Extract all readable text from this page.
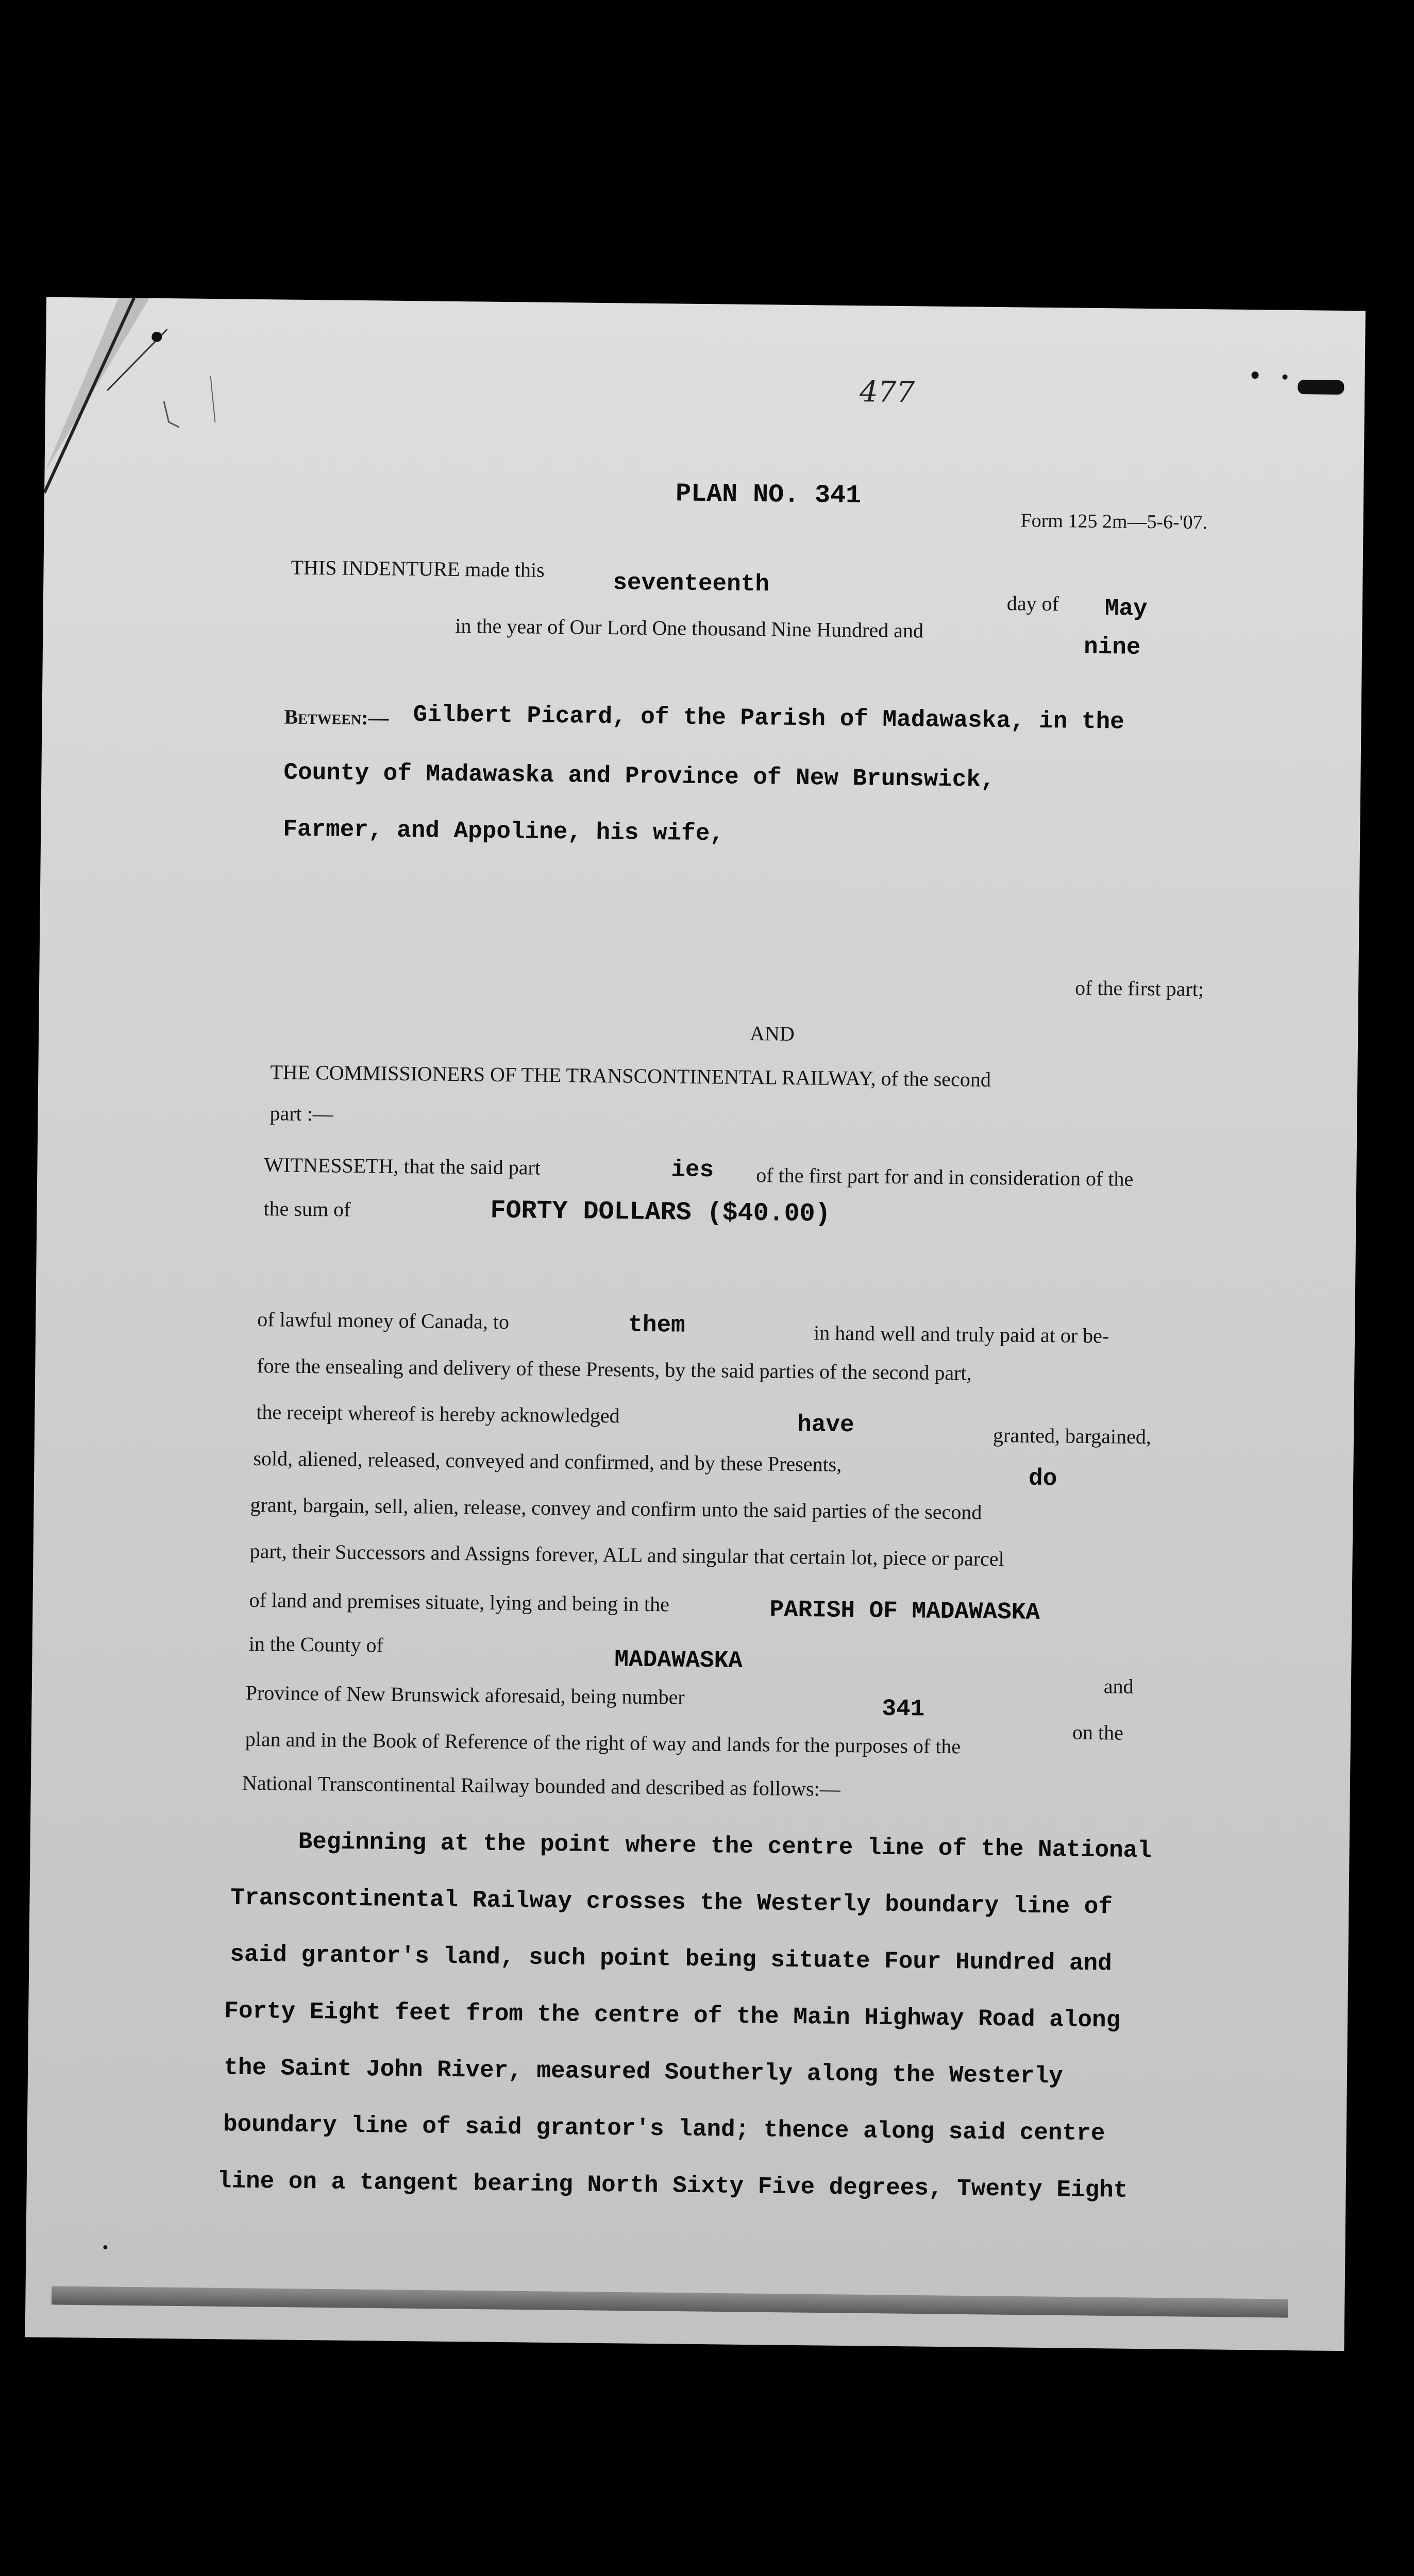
477
PLAN NO. 341
Form 125 2m—5-6-'07.
THIS INDENTURE made this
seventeenth
day of May
in the year of Our Lord One thousand Nine Hundred and
nine
Between:— Gilbert Picard, of the Parish of Madawaska, in the
County of Madawaska and Province of New Brunswick,
Farmer, and Appoline, his wife,
of the first part;
AND
THE COMMISSIONERS OF THE TRANSCONTINENTAL RAILWAY, of the second
part :—
WITNESSETH, that the said part	ies of the first part for and in consideration of the
the sum of	FORTY DOLLARS ($40.00)
of lawful money of Canada, to	them	in hand well and truly paid at or be-
fore the ensealing and delivery of these Presents, by the said parties of the second part,
the receipt whereof is hereby acknowledged	have	granted, bargained,
sold, aliened, released, conveyed and confirmed, and by these Presents,
do
grant, bargain, sell, alien, release, convey and confirm unto the said parties of the second
part, their Successors and Assigns forever, ALL and singular that certain lot, piece or parcel
of land and premises situate, lying and being in the	PARISH OF MADAWASKA
in the County of
MADAWASKA
and
Province of New Brunswick aforesaid, being number
341
on the
plan and in the Book of Reference of the right of way and lands for the purposes of the
National Transcontinental Railway bounded and described as follows:—
Beginning at the point where the centre line of the National
Transcontinental Railway crosses the Westerly boundary line of
said grantor's land, such point being situate Four Hundred and
Forty Eight feet from the centre of the Main Highway Road along
the Saint John River, measured Southerly along the Westerly
boundary line of said grantor's land; thence along said centre
line on a tangent bearing North Sixty Five degrees, Twenty Eight
